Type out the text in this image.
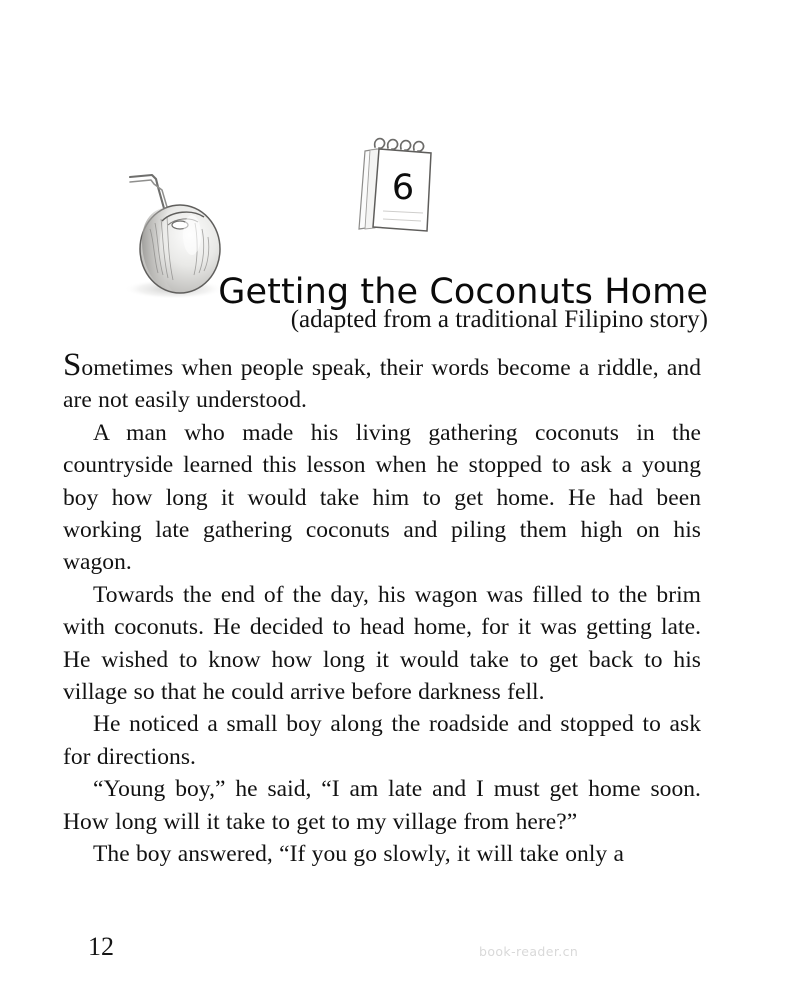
6
Getting the Coconuts Home
(adapted from a traditional Filipino story)

Sometimes when people speak, their words become a riddle, and are not easily understood.

A man who made his living gathering coconuts in the countryside learned this lesson when he stopped to ask a young boy how long it would take him to get home. He had been working late gathering coconuts and piling them high on his wagon.

Towards the end of the day, his wagon was filled to the brim with coconuts. He decided to head home, for it was getting late. He wished to know how long it would take to get back to his village so that he could arrive before darkness fell.

He noticed a small boy along the roadside and stopped to ask for directions.

“Young boy,” he said, “I am late and I must get home soon. How long will it take to get to my village from here?”

The boy answered, “If you go slowly, it will take only a

12	book-reader.cn
